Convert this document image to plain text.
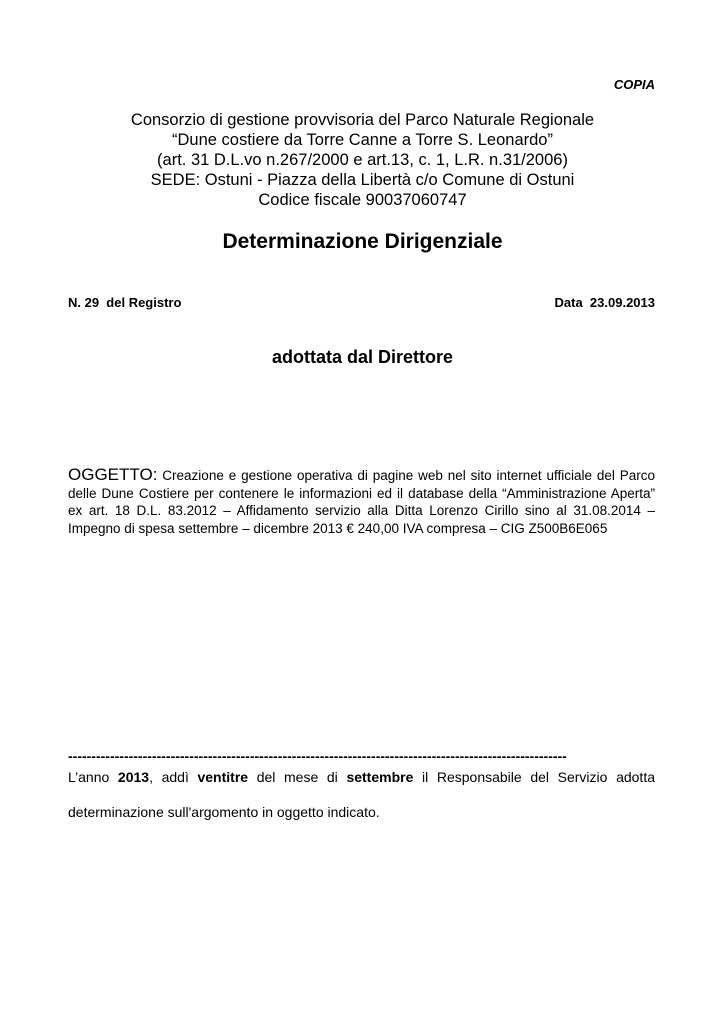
COPIA
Consorzio di gestione provvisoria del Parco Naturale Regionale
“Dune costiere da Torre Canne a Torre S. Leonardo”
(art. 31 D.L.vo n.267/2000 e art.13, c. 1, L.R. n.31/2006)
SEDE: Ostuni - Piazza della Libertà c/o Comune di Ostuni
Codice fiscale 90037060747
Determinazione Dirigenziale
N. 29  del Registro	Data  23.09.2013
adottata dal Direttore
OGGETTO: Creazione e gestione operativa di pagine web nel sito internet ufficiale del Parco delle Dune Costiere per contenere le informazioni ed il database della “Amministrazione Aperta” ex art. 18 D.L. 83.2012 – Affidamento servizio alla Ditta Lorenzo Cirillo sino al 31.08.2014 – Impegno di spesa settembre – dicembre 2013 € 240,00 IVA compresa – CIG Z500B6E065
-----------------------------------------------------------------------------------------------------------
L’anno 2013, addì ventitre del mese di settembre il Responsabile del Servizio adotta
determinazione sull'argomento in oggetto indicato.
